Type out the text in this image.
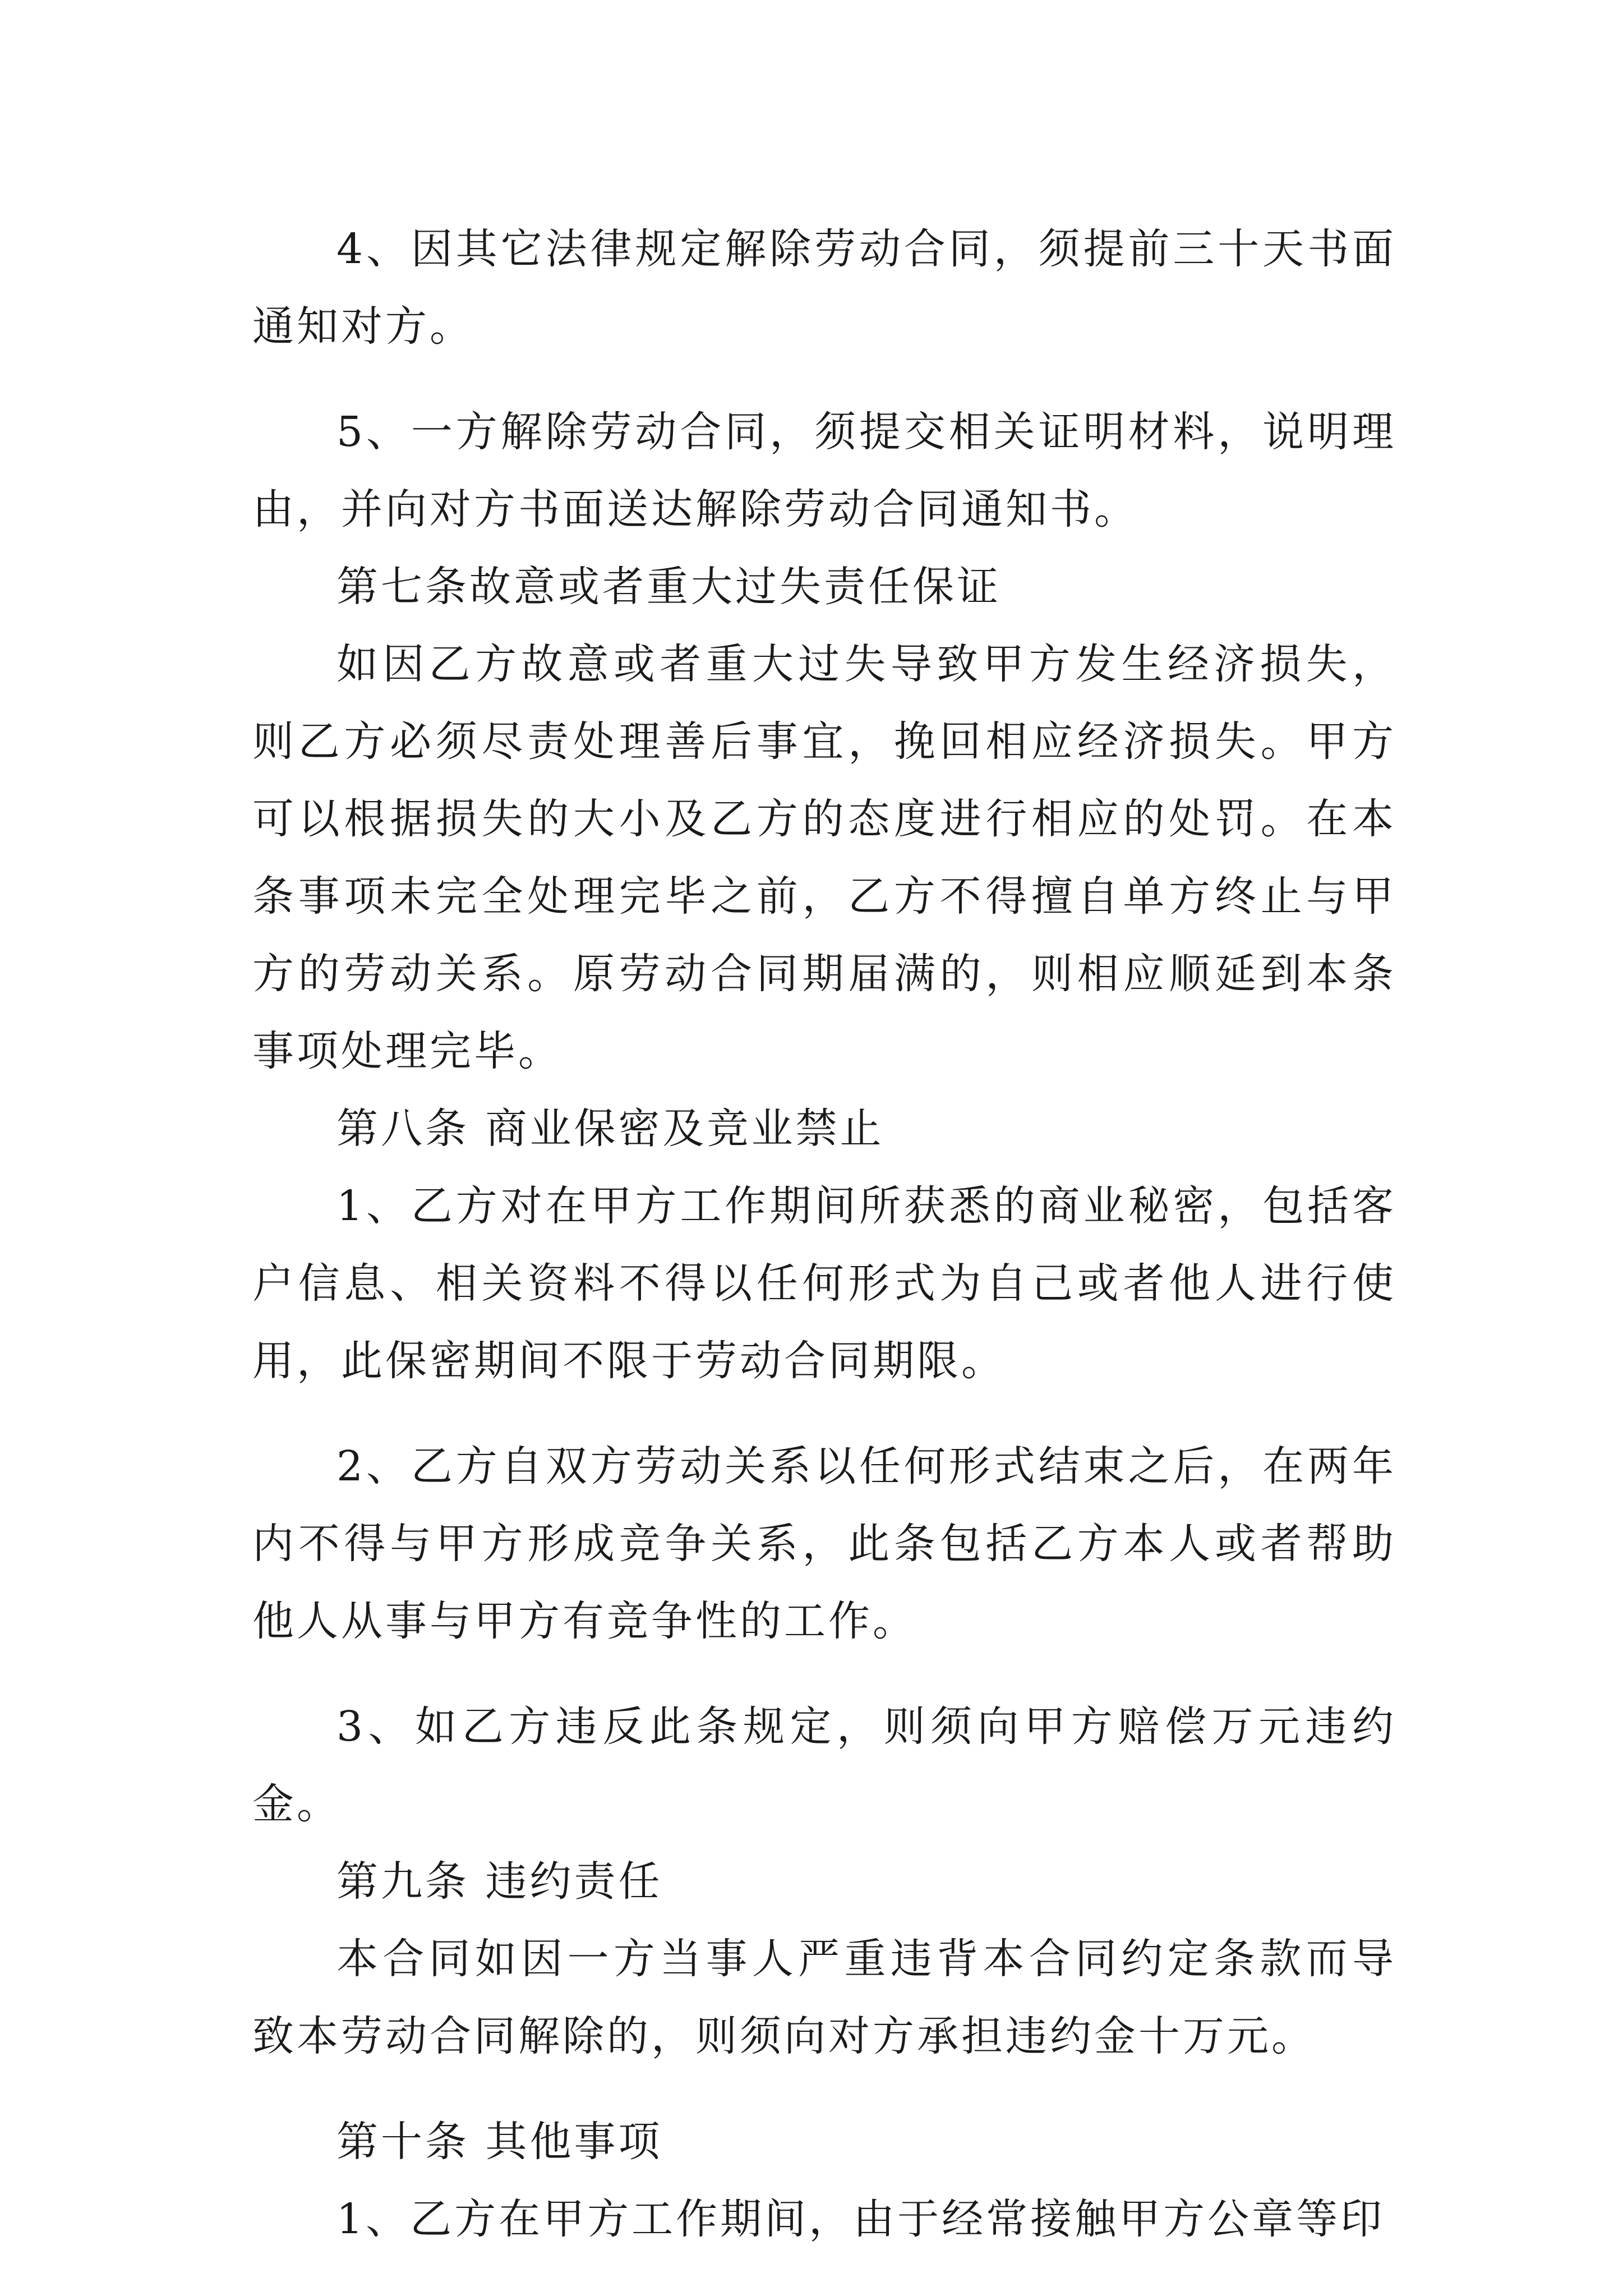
4、因其它法律规定解除劳动合同，须提前三十天书面通知对方。

5、一方解除劳动合同，须提交相关证明材料，说明理由，并向对方书面送达解除劳动合同通知书。

第七条故意或者重大过失责任保证

如因乙方故意或者重大过失导致甲方发生经济损失，则乙方必须尽责处理善后事宜，挽回相应经济损失。甲方可以根据损失的大小及乙方的态度进行相应的处罚。在本条事项未完全处理完毕之前，乙方不得擅自单方终止与甲方的劳动关系。原劳动合同期届满的，则相应顺延到本条事项处理完毕。

第八条 商业保密及竞业禁止

1、乙方对在甲方工作期间所获悉的商业秘密，包括客户信息、相关资料不得以任何形式为自己或者他人进行使用，此保密期间不限于劳动合同期限。

2、乙方自双方劳动关系以任何形式结束之后，在两年内不得与甲方形成竞争关系，此条包括乙方本人或者帮助他人从事与甲方有竞争性的工作。

3、如乙方违反此条规定，则须向甲方赔偿万元违约金。

第九条 违约责任

本合同如因一方当事人严重违背本合同约定条款而导致本劳动合同解除的，则须向对方承担违约金十万元。

第十条 其他事项

1、乙方在甲方工作期间，由于经常接触甲方公章等印
